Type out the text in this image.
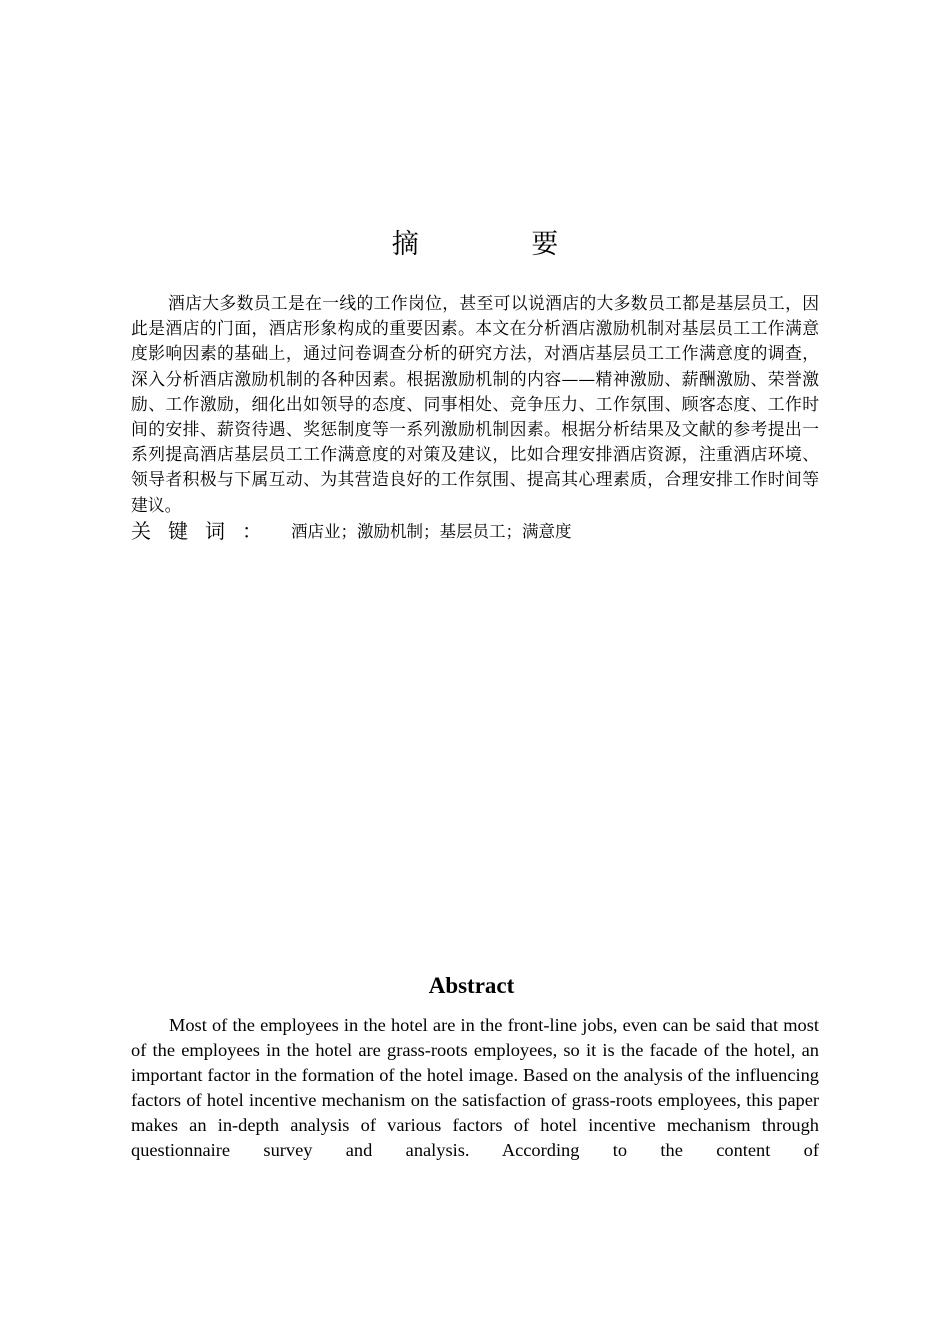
摘 要

酒店大多数员工是在一线的工作岗位，甚至可以说酒店的大多数员工都是基层员工，因此是酒店的门面，酒店形象构成的重要因素。本文在分析酒店激励机制对基层员工工作满意度影响因素的基础上，通过问卷调查分析的研究方法，对酒店基层员工工作满意度的调查，深入分析酒店激励机制的各种因素。根据激励机制的内容——精神激励、薪酬激励、荣誉激励、工作激励，细化出如领导的态度、同事相处、竞争压力、工作氛围、顾客态度、工作时间的安排、薪资待遇、奖惩制度等一系列激励机制因素。根据分析结果及文献的参考提出一系列提高酒店基层员工工作满意度的对策及建议，比如合理安排酒店资源，注重酒店环境、领导者积极与下属互动、为其营造良好的工作氛围、提高其心理素质，合理安排工作时间等建议。

关键词： 酒店业；激励机制；基层员工；满意度
Abstract

Most of the employees in the hotel are in the front-line jobs, even can be said that most of the employees in the hotel are grass-roots employees, so it is the facade of the hotel, an important factor in the formation of the hotel image. Based on the analysis of the influencing factors of hotel incentive mechanism on the satisfaction of grass-roots employees, this paper makes an in-depth analysis of various factors of hotel incentive mechanism through questionnaire survey and analysis. According to the content of
